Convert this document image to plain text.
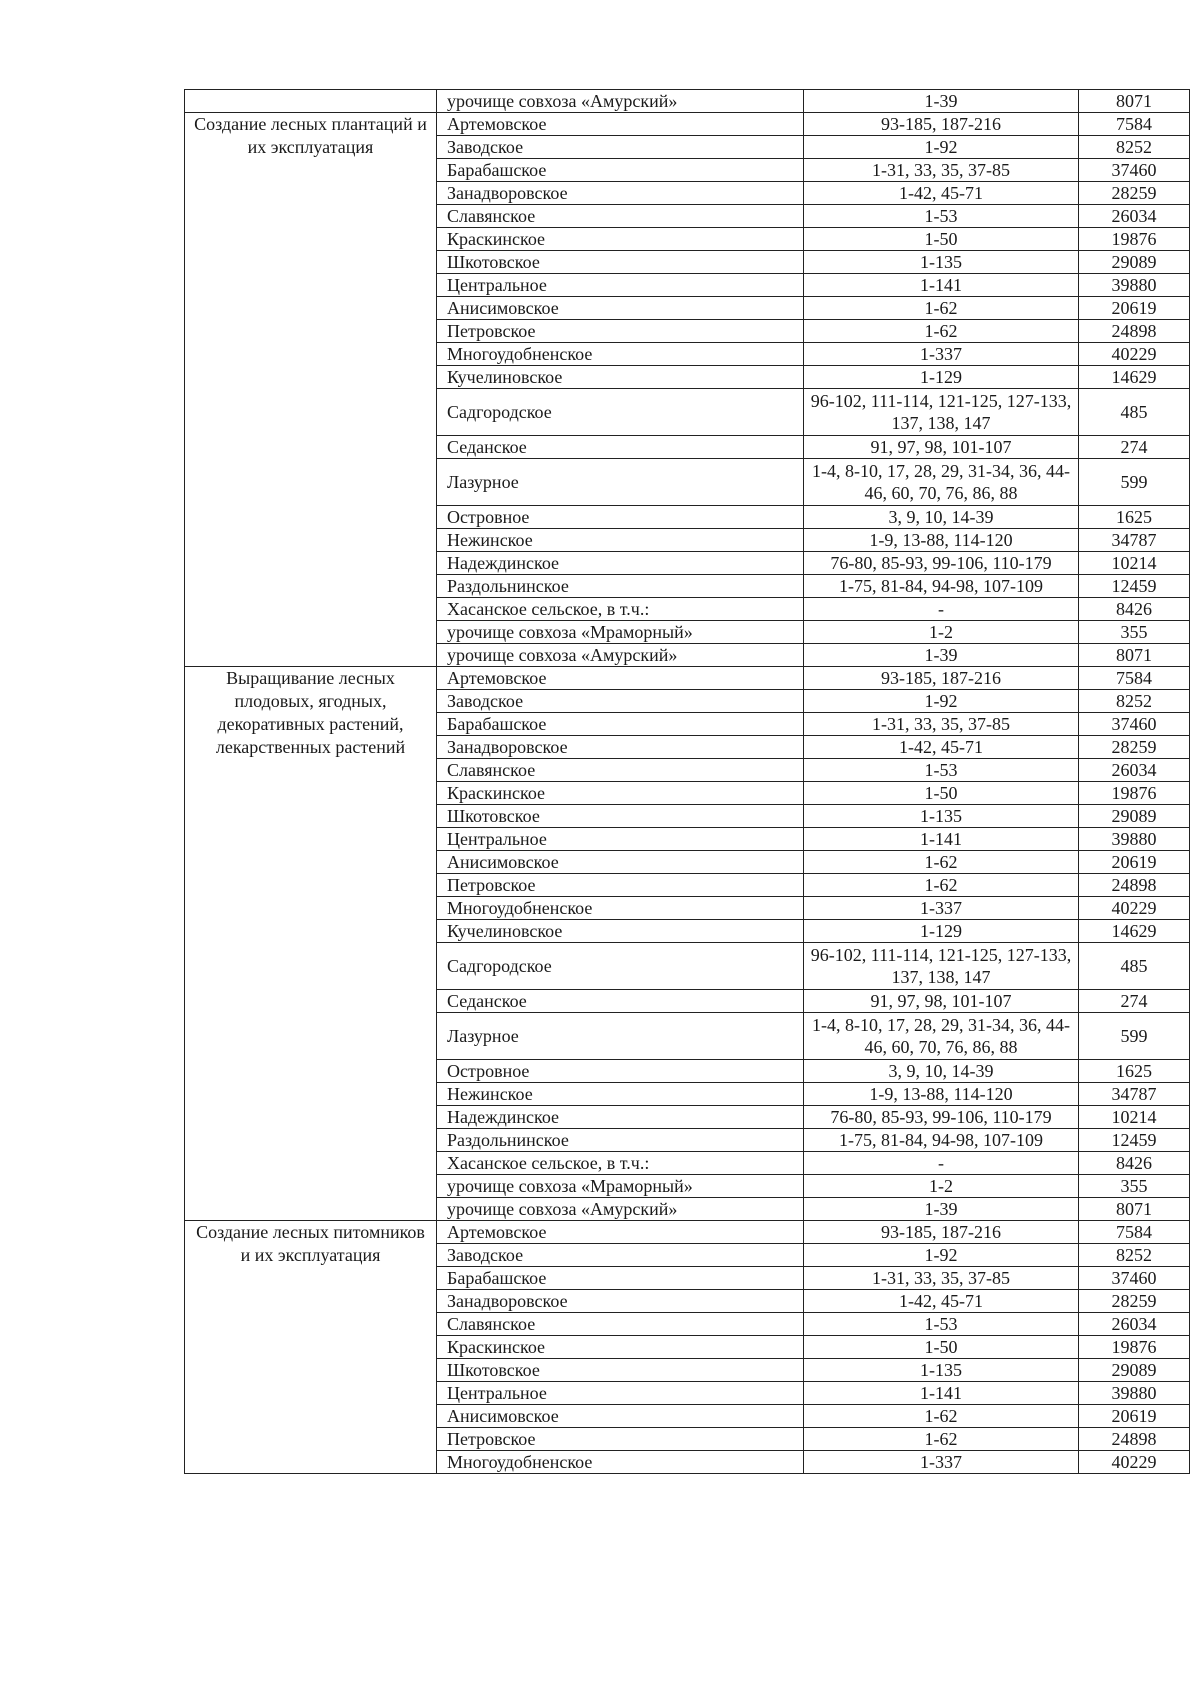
	урочище совхоза «Амурский»	1-39	8071
Создание лесных плантаций и их эксплуатация	Артемовское	93-185, 187-216	7584
	Заводское	1-92	8252
	Барабашское	1-31, 33, 35, 37-85	37460
	Занадворовское	1-42, 45-71	28259
	Славянское	1-53	26034
	Краскинское	1-50	19876
	Шкотовское	1-135	29089
	Центральное	1-141	39880
	Анисимовское	1-62	20619
	Петровское	1-62	24898
	Многоудобненское	1-337	40229
	Кучелиновское	1-129	14629
	Садгородское	96-102, 111-114, 121-125, 127-133, 137, 138, 147	485
	Седанское	91, 97, 98, 101-107	274
	Лазурное	1-4, 8-10, 17, 28, 29, 31-34, 36, 44-46, 60, 70, 76, 86, 88	599
	Островное	3, 9, 10, 14-39	1625
	Нежинское	1-9, 13-88, 114-120	34787
	Надеждинское	76-80, 85-93, 99-106, 110-179	10214
	Раздольнинское	1-75, 81-84, 94-98, 107-109	12459
	Хасанское сельское, в т.ч.:	-	8426
	урочище совхоза «Мраморный»	1-2	355
	урочище совхоза «Амурский»	1-39	8071
Выращивание лесных плодовых, ягодных, декоративных растений, лекарственных растений	Артемовское	93-185, 187-216	7584
	Заводское	1-92	8252
	Барабашское	1-31, 33, 35, 37-85	37460
	Занадворовское	1-42, 45-71	28259
	Славянское	1-53	26034
	Краскинское	1-50	19876
	Шкотовское	1-135	29089
	Центральное	1-141	39880
	Анисимовское	1-62	20619
	Петровское	1-62	24898
	Многоудобненское	1-337	40229
	Кучелиновское	1-129	14629
	Садгородское	96-102, 111-114, 121-125, 127-133, 137, 138, 147	485
	Седанское	91, 97, 98, 101-107	274
	Лазурное	1-4, 8-10, 17, 28, 29, 31-34, 36, 44-46, 60, 70, 76, 86, 88	599
	Островное	3, 9, 10, 14-39	1625
	Нежинское	1-9, 13-88, 114-120	34787
	Надеждинское	76-80, 85-93, 99-106, 110-179	10214
	Раздольнинское	1-75, 81-84, 94-98, 107-109	12459
	Хасанское сельское, в т.ч.:	-	8426
	урочище совхоза «Мраморный»	1-2	355
	урочище совхоза «Амурский»	1-39	8071
Создание лесных питомников и их эксплуатация	Артемовское	93-185, 187-216	7584
	Заводское	1-92	8252
	Барабашское	1-31, 33, 35, 37-85	37460
	Занадворовское	1-42, 45-71	28259
	Славянское	1-53	26034
	Краскинское	1-50	19876
	Шкотовское	1-135	29089
	Центральное	1-141	39880
	Анисимовское	1-62	20619
	Петровское	1-62	24898
	Многоудобненское	1-337	40229
